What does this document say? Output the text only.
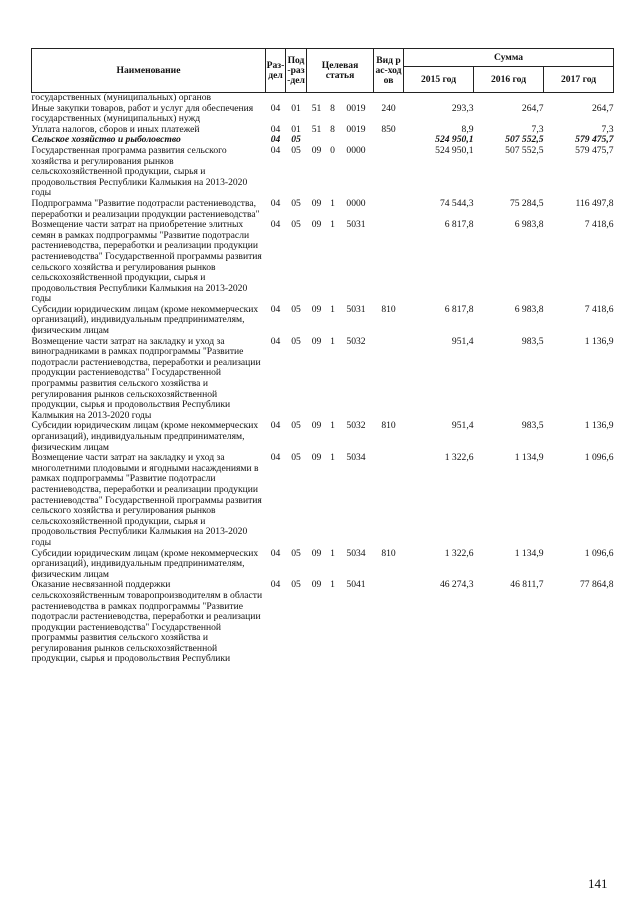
Наименование	Раз-дел	Под-раз-дел	Целевая статья			Вид рас-ходов	Сумма		
							2015 год	2016 год	2017 год
государственных (муниципальных) органов									
Иные закупки товаров, работ и услуг для обеспечения государственных (муниципальных) нужд	04	01	51	8	0019	240	293,3	264,7	264,7
Уплата налогов, сборов и иных платежей	04	01	51	8	0019	850	8,9	7,3	7,3
Сельское хозяйство и рыболовство	04	05					524 950,1	507 552,5	579 475,7
Государственная программа развития сельского хозяйства и регулирования рынков сельскохозяйственной продукции, сырья и продовольствия Республики Калмыкия на 2013-2020 годы	04	05	09	0	0000		524 950,1	507 552,5	579 475,7
Подпрограмма "Развитие подотрасли растениеводства, переработки и реализации продукции растениеводства"	04	05	09	1	0000		74 544,3	75 284,5	116 497,8
Возмещение части затрат на приобретение элитных семян в рамках подпрограммы "Развитие подотрасли растениеводства, переработки и реализации продукции растениеводства" Государственной программы развития сельского хозяйства и регулирования рынков сельскохозяйственной продукции, сырья и продовольствия Республики Калмыкия на 2013-2020 годы	04	05	09	1	5031		6 817,8	6 983,8	7 418,6
Субсидии юридическим лицам (кроме некоммерческих организаций), индивидуальным предпринимателям, физическим лицам	04	05	09	1	5031	810	6 817,8	6 983,8	7 418,6
Возмещение части затрат на закладку и уход за виноградниками в рамках подпрограммы "Развитие подотрасли растениеводства, переработки и реализации продукции растениеводства" Государственной программы развития сельского хозяйства и регулирования рынков сельскохозяйственной продукции, сырья и продовольствия Республики Калмыкия на 2013-2020 годы	04	05	09	1	5032		951,4	983,5	1 136,9
Субсидии юридическим лицам (кроме некоммерческих организаций), индивидуальным предпринимателям, физическим лицам	04	05	09	1	5032	810	951,4	983,5	1 136,9
Возмещение части затрат на закладку и уход за многолетними плодовыми и ягодными насаждениями в рамках подпрограммы "Развитие подотрасли растениеводства, переработки и реализации продукции растениеводства" Государственной программы развития сельского хозяйства и регулирования рынков сельскохозяйственной продукции, сырья и продовольствия Республики Калмыкия на 2013-2020 годы	04	05	09	1	5034		1 322,6	1 134,9	1 096,6
Субсидии юридическим лицам (кроме некоммерческих организаций), индивидуальным предпринимателям, физическим лицам	04	05	09	1	5034	810	1 322,6	1 134,9	1 096,6
Оказание несвязанной поддержки сельскохозяйственным товаропроизводителям в области растениеводства в рамках подпрограммы "Развитие подотрасли растениеводства, переработки и реализации продукции растениеводства" Государственной программы развития сельского хозяйства и регулирования рынков сельскохозяйственной продукции, сырья и продовольствия Республики	04	05	09	1	5041		46 274,3	46 811,7	77 864,8
141
